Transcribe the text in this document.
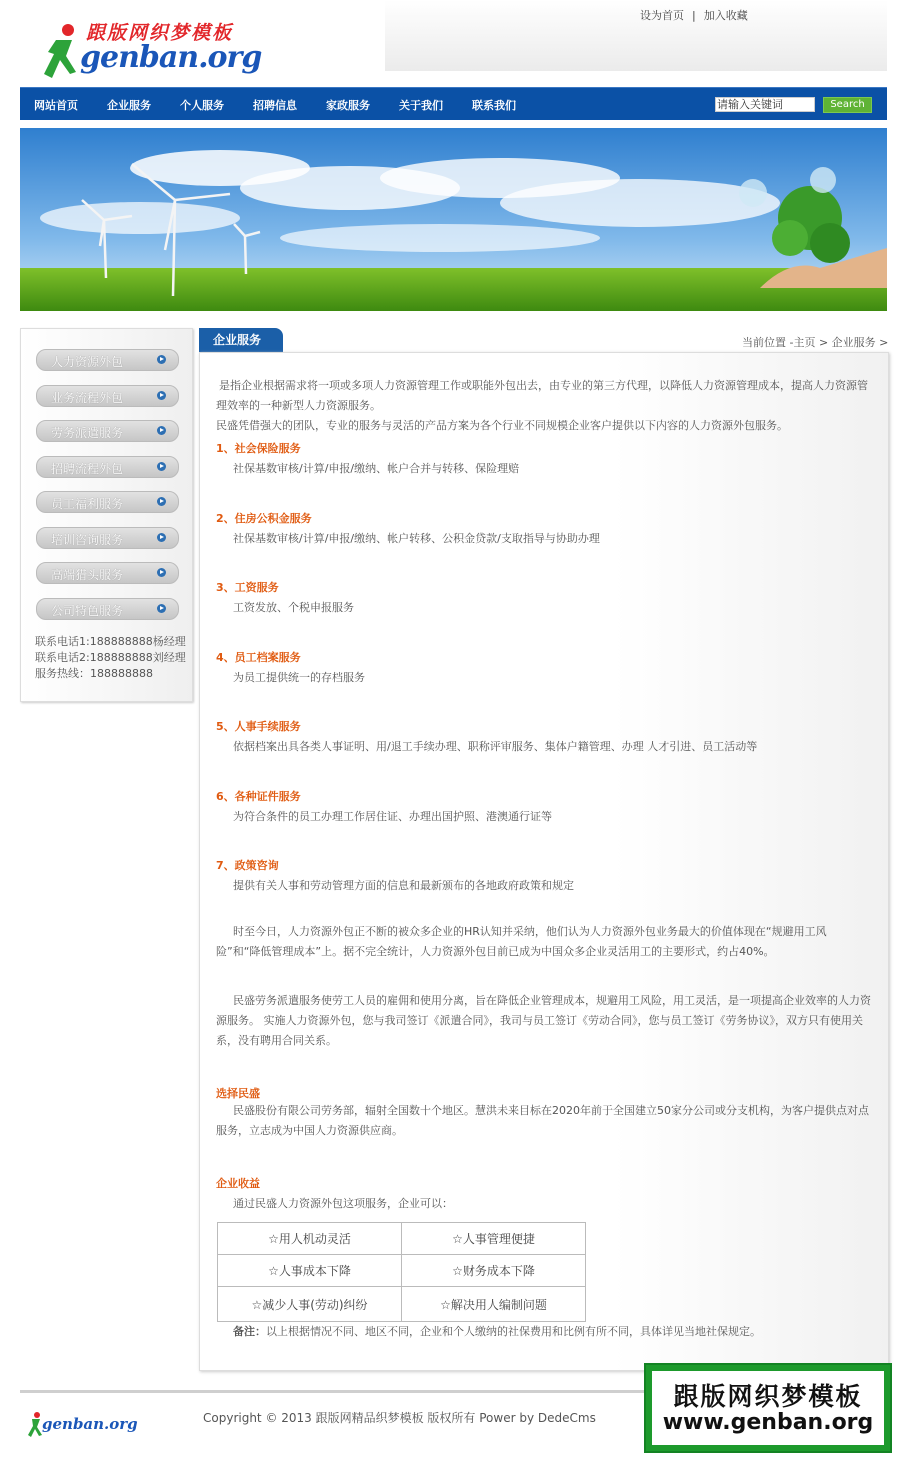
跟版网织梦模板
genban.org
设为首页 | 加入收藏
网站首页	企业服务	个人服务	招聘信息	家政服务	关于我们	联系我们	请输入关键词	Search
人力资源外包
业务流程外包
劳务派遣服务
招聘流程外包
员工福利服务
培训咨询服务
高端猎头服务
公司特色服务
联系电话1:188888888杨经理
联系电话2:188888888刘经理
服务热线：188888888
企业服务	当前位置 -主页 > 企业服务 >
是指企业根据需求将一项或多项人力资源管理工作或职能外包出去，由专业的第三方代理，以降低人力资源管理成本，提高人力资源管理效率的一种新型人力资源服务。
民盛凭借强大的团队，专业的服务与灵活的产品方案为各个行业不同规模企业客户提供以下内容的人力资源外包服务。
1、社会保险服务
社保基数审核/计算/申报/缴纳、帐户合并与转移、保险理赔
2、住房公积金服务
社保基数审核/计算/申报/缴纳、帐户转移、公积金贷款/支取指导与协助办理
3、工资服务
工资发放、个税申报服务
4、员工档案服务
为员工提供统一的存档服务
5、人事手续服务
依据档案出具各类人事证明、用/退工手续办理、职称评审服务、集体户籍管理、办理 人才引进、员工活动等
6、各种证件服务
为符合条件的员工办理工作居住证、办理出国护照、港澳通行证等
7、政策咨询
提供有关人事和劳动管理方面的信息和最新颁布的各地政府政策和规定
时至今日，人力资源外包正不断的被众多企业的HR认知并采纳，他们认为人力资源外包业务最大的价值体现在“规避用工风险”和“降低管理成本”上。据不完全统计，人力资源外包目前已成为中国众多企业灵活用工的主要形式，约占40%。
民盛劳务派遣服务使劳工人员的雇佣和使用分离，旨在降低企业管理成本，规避用工风险，用工灵活，是一项提高企业效率的人力资源服务。 实施人力资源外包，您与我司签订《派遣合同》，我司与员工签订《劳动合同》，您与员工签订《劳务协议》，双方只有使用关系，没有聘用合同关系。
选择民盛
民盛股份有限公司劳务部，辐射全国数十个地区。慧洪未来目标在2020年前于全国建立50家分公司或分支机构，为客户提供点对点服务，立志成为中国人力资源供应商。
企业收益
通过民盛人力资源外包这项服务，企业可以：
☆用人机动灵活	☆人事管理便捷
☆人事成本下降	☆财务成本下降
☆减少人事(劳动)纠纷	☆解决用人编制问题
备注：以上根据情况不同、地区不同，企业和个人缴纳的社保费用和比例有所不同，具体详见当地社保规定。
genban.org	Copyright © 2013 跟版网精品织梦模板 版权所有 Power by DedeCms
跟版网织梦模板
www.genban.org
